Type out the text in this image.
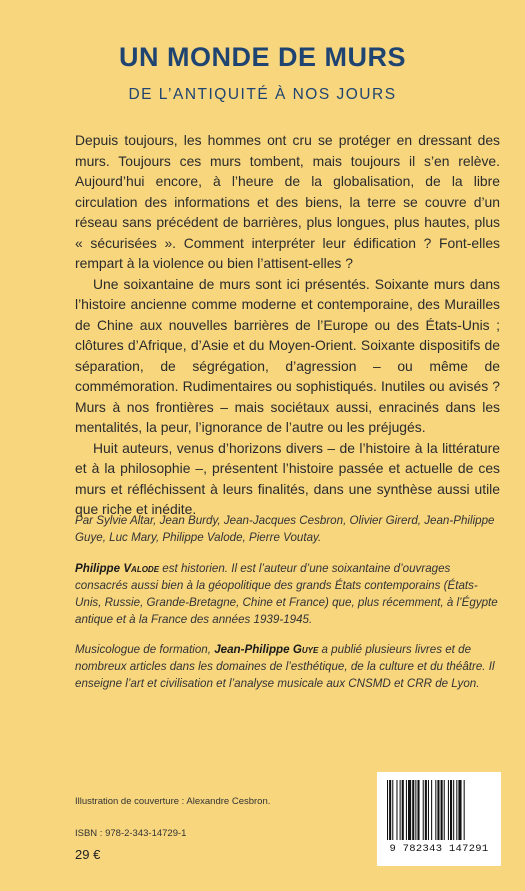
UN MONDE DE MURS
DE L’ANTIQUITÉ À NOS JOURS

Depuis toujours, les hommes ont cru se protéger en dressant des murs. Toujours ces murs tombent, mais toujours il s’en relève. Aujourd’hui encore, à l’heure de la globalisation, de la libre circulation des informations et des biens, la terre se couvre d’un réseau sans précédent de barrières, plus longues, plus hautes, plus « sécurisées ». Comment interpréter leur édification ? Font-elles rempart à la violence ou bien l’attisent-elles ?

Une soixantaine de murs sont ici présentés. Soixante murs dans l’histoire ancienne comme moderne et contemporaine, des Murailles de Chine aux nouvelles barrières de l’Europe ou des États-Unis ; clôtures d’Afrique, d’Asie et du Moyen-Orient. Soixante dispositifs de séparation, de ségrégation, d’agression – ou même de commémoration. Rudimentaires ou sophistiqués. Inutiles ou avisés ? Murs à nos frontières – mais sociétaux aussi, enracinés dans les mentalités, la peur, l’ignorance de l’autre ou les préjugés.

Huit auteurs, venus d’horizons divers – de l’histoire à la littérature et à la philosophie –, présentent l’histoire passée et actuelle de ces murs et réfléchissent à leurs finalités, dans une synthèse aussi utile que riche et inédite.

Par Sylvie Altar, Jean Burdy, Jean-Jacques Cesbron, Olivier Girerd, Jean-Philippe Guye, Luc Mary, Philippe Valode, Pierre Voutay.
Philippe Valode est historien. Il est l’auteur d’une soixantaine d’ouvrages consacrés aussi bien à la géopolitique des grands États contemporains (États-Unis, Russie, Grande-Bretagne, Chine et France) que, plus récemment, à l’Égypte antique et à la France des années 1939-1945.
Musicologue de formation, Jean-Philippe Guye a publié plusieurs livres et de nombreux articles dans les domaines de l’esthétique, de la culture et du théâtre. Il enseigne l’art et civilisation et l’analyse musicale aux CNSMD et CRR de Lyon.
Illustration de couverture : Alexandre Cesbron.
ISBN : 978-2-343-14729-1
29 €	9 782343 147291
